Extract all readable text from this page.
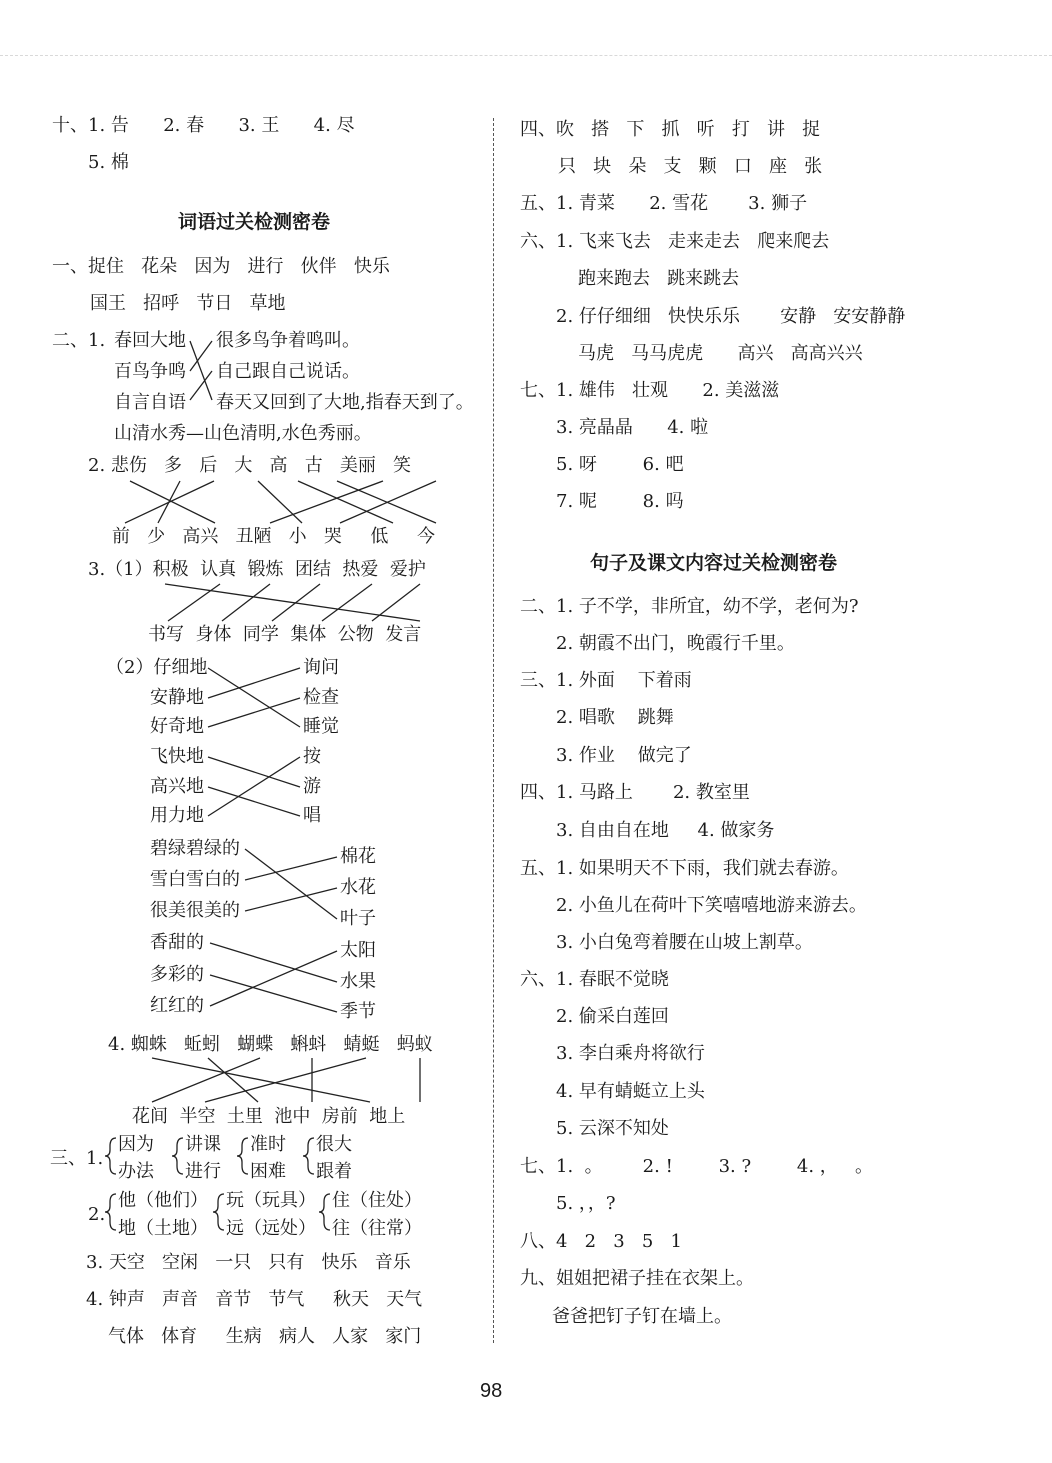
十、1. 告      2. 春      3. 王      4. 尽
5. 棉
词语过关检测密卷
一、捉住   花朵   因为   进行   伙伴   快乐
国王   招呼   节日   草地
二、1. 春回大地
百鸟争鸣
自言自语
很多鸟争着鸣叫。
自己跟自己说话。
春天又回到了大地,指春天到了。
山清水秀—山色清明,水色秀丽。
2. 悲伤   多   后   大   高   古   美丽   笑
前   少   高兴   丑陋   小   哭     低     今
3.（1）积极  认真  锻炼  团结  热爱  爱护
书写  身体  同学  集体  公物  发言
（2）仔细地
安静地
好奇地
飞快地
高兴地
用力地
询问
检查
睡觉
按
游
唱
碧绿碧绿的
雪白雪白的
很美很美的
香甜的
多彩的
红红的
棉花
水花
叶子
太阳
水果
季节
4. 蜘蛛   蚯蚓   蝴蝶   蝌蚪   蜻蜓   蚂蚁
花间  半空  土里  池中  房前  地上
三、1.
因为
办法
讲课
进行
准时
困难
很大
跟着
2.
他（他们）
地（土地）
玩（玩具）
远（远处）
住（住处）
往（往常）
3. 天空   空闲   一只   只有   快乐   音乐
4. 钟声   声音   音节   节气     秋天   天气
气体   体育     生病   病人   人家   家门
四、吹   搭   下   抓   听   打   讲   捉
只   块   朵   支   颗   口   座   张
五、1. 青菜      2. 雪花       3. 狮子
六、1. 飞来飞去   走来走去   爬来爬去
跑来跑去   跳来跳去
2. 仔仔细细   快快乐乐       安静   安安静静
马虎   马马虎虎      高兴   高高兴兴
七、1. 雄伟   壮观      2. 美滋滋
3. 亮晶晶      4. 啦
5. 呀        6. 吧
7. 呢        8. 吗
句子及课文内容过关检测密卷
二、1. 子不学，非所宜，幼不学，老何为?
2. 朝霞不出门，晚霞行千里。
三、1. 外面    下着雨
2. 唱歌    跳舞
3. 作业    做完了
四、1. 马路上       2. 教室里
3. 自由自在地     4. 做家务
五、1. 如果明天不下雨，我们就去春游。
2. 小鱼儿在荷叶下笑嘻嘻地游来游去。
3. 小白兔弯着腰在山坡上割草。
六、1. 春眠不觉晓
2. 偷采白莲回
3. 李白乘舟将欲行
4. 早有蜻蜓立上头
5. 云深不知处
七、1.  。       2. !        3. ?        4. ，   。
5. ，，?
八、4   2   3   5   1
九、姐姐把裙子挂在衣架上。
爸爸把钉子钉在墙上。
98
